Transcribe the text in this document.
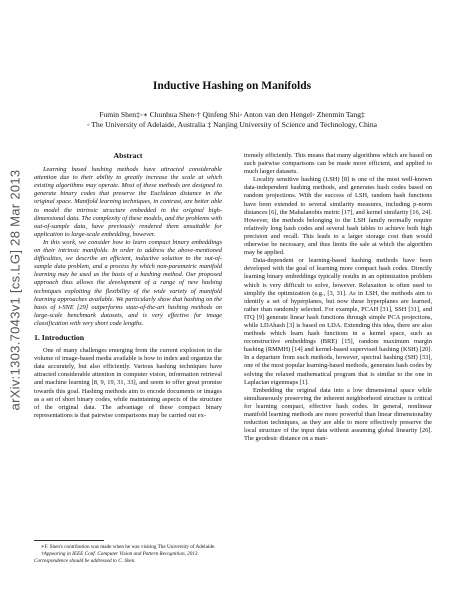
Inductive Hashing on Manifolds
Fumin Shen‡◦∗ Chunhua Shen◦† Qinfeng Shi◦ Anton van den Hengel◦ Zhenmin Tang‡
◦ The University of Adelaide, Australia ‡ Nanjing University of Science and Technology, China
arXiv:1303.7043v1 [cs.LG] 28 Mar 2013
Abstract

Learning based hashing methods have attracted considerable attention due to their ability to greatly increase the scale at which existing algorithms may operate. Most of these methods are designed to generate binary codes that preserve the Euclidean distance in the original space. Manifold learning techniques, in contrast, are better able to model the intrinsic structure embedded in the original high-dimensional data. The complexity of these models, and the problems with out-of-sample data, have previously rendered them unsuitable for application to large-scale embedding, however.

In this work, we consider how to learn compact binary embeddings on their intrinsic manifolds. In order to address the above-mentioned difficulties, we describe an efficient, inductive solution to the out-of-sample data problem, and a process by which non-parametric manifold learning may be used as the basis of a hashing method. Our proposed approach thus allows the development of a range of new hashing techniques exploiting the flexibility of the wide variety of manifold learning approaches available. We particularly show that hashing on the basis of t-SNE [29] outperforms state-of-the-art hashing methods on large-scale benchmark datasets, and is very effective for image classification with very short code lengths.

1. Introduction

One of many challenges emerging from the current explosion in the volume of image-based media available is how to index and organize the data accurately, but also efficiently. Various hashing techniques have attracted considerable attention in computer vision, information retrieval and machine learning [8, 9, 19, 31, 33], and seem to offer great promise towards this goal. Hashing methods aim to encode documents or images as a set of short binary codes, while maintaining aspects of the structure of the original data. The advantage of these compact binary representations is that pairwise comparisons may be carried out ex-

∗F. Shen's contribution was made when he was visiting The University of Adelaide.

†Appearing in IEEE Conf. Computer Vision and Pattern Recognition, 2013. Correspondence should be addressed to C. Shen.

tremely efficiently. This means that many algorithms which are based on such pairwise comparisons can be made more efficient, and applied to much larger datasets.

Locality sensitive hashing (LSH) [8] is one of the most well-known data-independent hashing methods, and generates hash codes based on random projections. With the success of LSH, random hash functions have been extended to several similarity measures, including p-norm distances [6], the Mahalanobis metric [17], and kernel similarity [16, 24]. However, the methods belonging to the LSH family normally require relatively long hash codes and several hash tables to achieve both high precision and recall. This leads to a larger storage cost than would otherwise be necessary, and thus limits the sale at which the algorithm may be applied.

Data-dependent or learning-based hashing methods have been developed with the goal of learning more compact hash codes. Directly learning binary embeddings typically results in an optimization problem which is very difficult to solve, however. Relaxation is often used to simplify the optimization (e.g., [3, 31]. As in LSH, the methods aim to identify a set of hyperplanes, but now these hyperplanes are learned, rather than randomly selected. For example, PCAH [31], SSH [31], and ITQ [9] generate linear hash functions through simple PCA projections, while LDAhash [3] is based on LDA. Extending this idea, there are also methods which learn hash functions in a kernel space, such as reconstructive embeddings (BRE) [15], random maximum margin hashing (RMMH) [14] and kernel-based supervised hashing (KSH) [20]. In a departure from such methods, however, spectral hashing (SH) [33], one of the most popular learning-based methods, generates hash codes by solving the relaxed mathematical program that is similar to the one in Laplacian eigenmaps [1].

Embedding the original data into a low dimensional space while simultaneously preserving the inherent neighborhood structure is critical for learning compact, effective hash codes. In general, nonlinear manifold learning methods are more powerful than linear dimensionality reduction techniques, as they are able to more effectively preserve the local structure of the input data without assuming global linearity [26]. The geodesic distance on a man-
